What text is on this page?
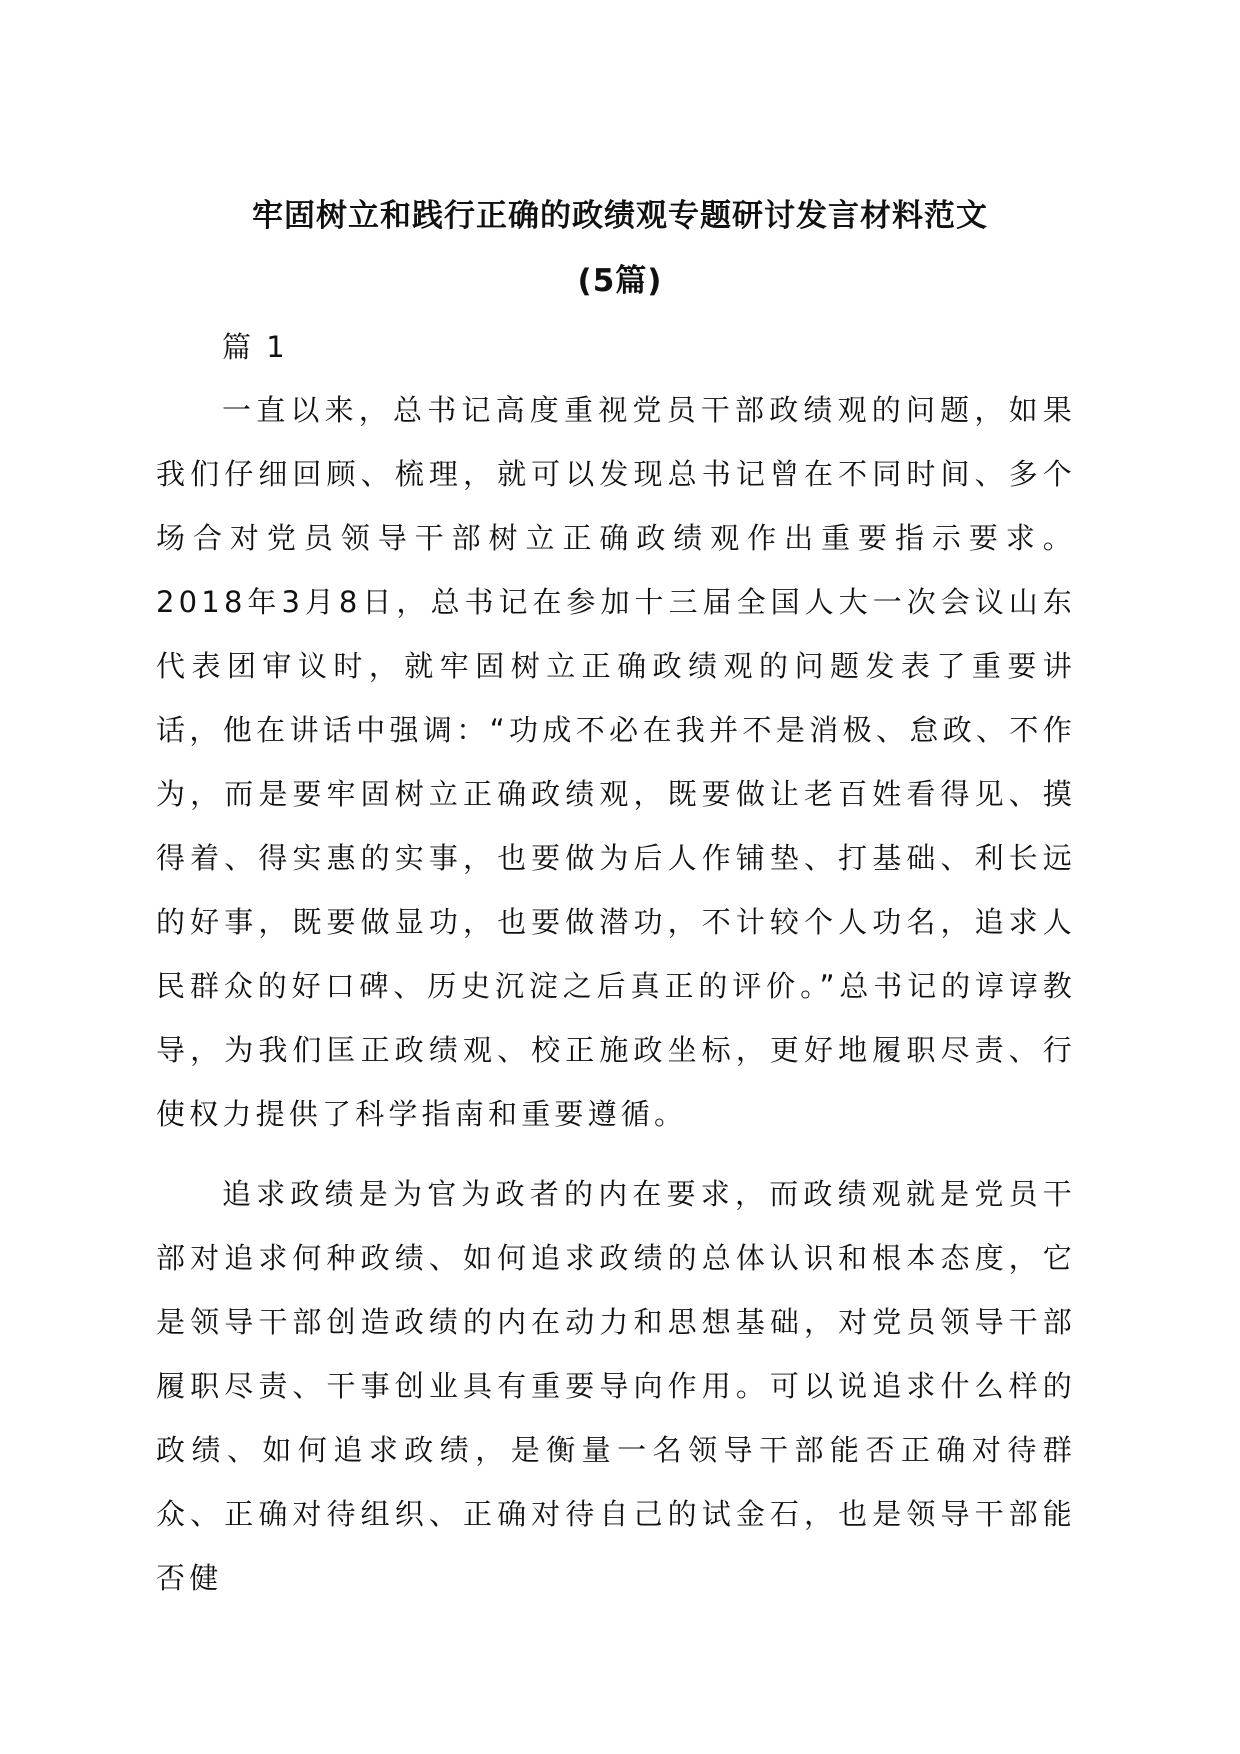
牢固树立和践行正确的政绩观专题研讨发言材料范文
(5篇)
篇 1

一直以来，总书记高度重视党员干部政绩观的问题，如果我们仔细回顾、梳理，就可以发现总书记曾在不同时间、多个场合对党员领导干部树立正确政绩观作出重要指示要求。2018年3月8日，总书记在参加十三届全国人大一次会议山东代表团审议时，就牢固树立正确政绩观的问题发表了重要讲话，他在讲话中强调：“功成不必在我并不是消极、怠政、不作为，而是要牢固树立正确政绩观，既要做让老百姓看得见、摸得着、得实惠的实事，也要做为后人作铺垫、打基础、利长远的好事，既要做显功，也要做潜功，不计较个人功名，追求人民群众的好口碑、历史沉淀之后真正的评价。”总书记的谆谆教导，为我们匡正政绩观、校正施政坐标，更好地履职尽责、行使权力提供了科学指南和重要遵循。

追求政绩是为官为政者的内在要求，而政绩观就是党员干部对追求何种政绩、如何追求政绩的总体认识和根本态度，它是领导干部创造政绩的内在动力和思想基础，对党员领导干部履职尽责、干事创业具有重要导向作用。可以说追求什么样的政绩、如何追求政绩，是衡量一名领导干部能否正确对待群众、正确对待组织、正确对待自己的试金石，也是领导干部能否健
